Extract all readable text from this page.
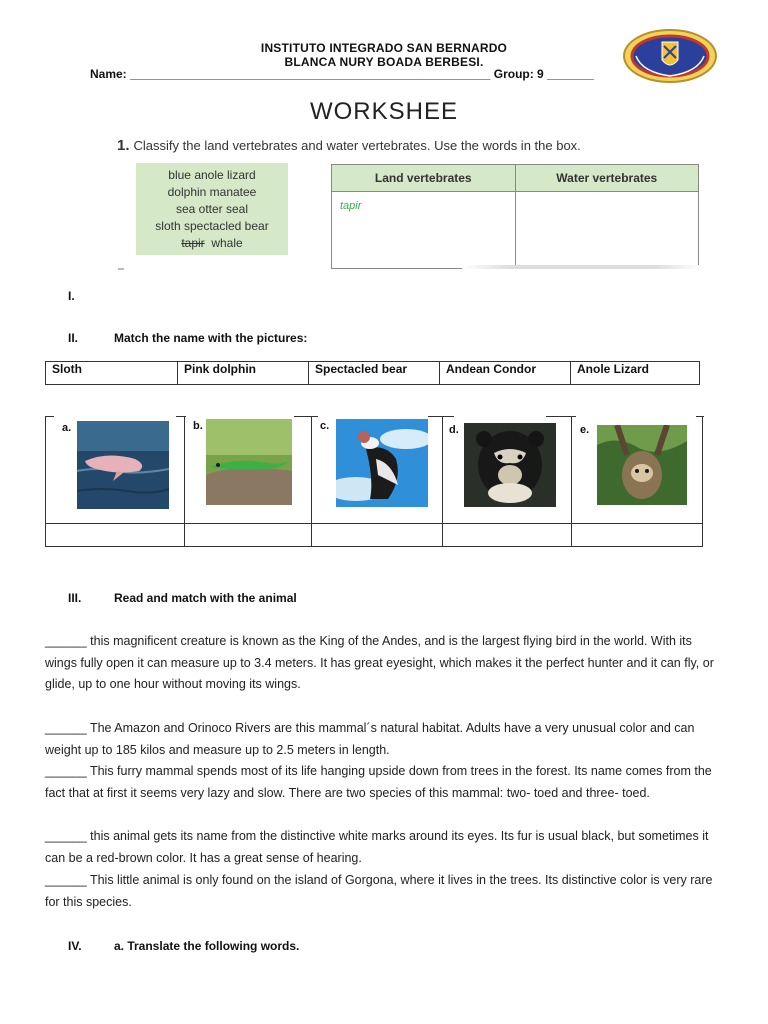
INSTITUTO INTEGRADO SAN BERNARDO
BLANCA NURY BOADA BERBESI.
Name: ______________________________________________________ Group: 9 _______
WORKSHEE
1. Classify the land vertebrates and water vertebrates. Use the words in the box.
blue anole lizard
dolphin manatee
sea otter seal
sloth spectacled bear
tapir  whale
Land vertebrates	Water vertebrates
tapir	
I.
II.	Match the name with the pictures:
Sloth	Pink dolphin	Spectacled bear	Andean Condor	Anole Lizard
a.	b.	c.	d.	e.
III.	Read and match with the animal
______ this magnificent creature is known as the King of the Andes, and is the largest flying bird in the world. With its wings fully open it can measure up to 3.4 meters. It has great eyesight, which makes it the perfect hunter and it can fly, or glide, up to one hour without moving its wings.
______ The Amazon and Orinoco Rivers are this mammal´s natural habitat. Adults have a very unusual color and can weight up to 185 kilos and measure up to 2.5 meters in length.
______ This furry mammal spends most of its life hanging upside down from trees in the forest. Its name comes from the fact that at first it seems very lazy and slow. There are two species of this mammal: two- toed and three- toed.
______ this animal gets its name from the distinctive white marks around its eyes. Its fur is usual black, but sometimes it can be a red-brown color. It has a great sense of hearing.
______ This little animal is only found on the island of Gorgona, where it lives in the trees. Its distinctive color is very rare for this species.
IV.	a. Translate the following words.
